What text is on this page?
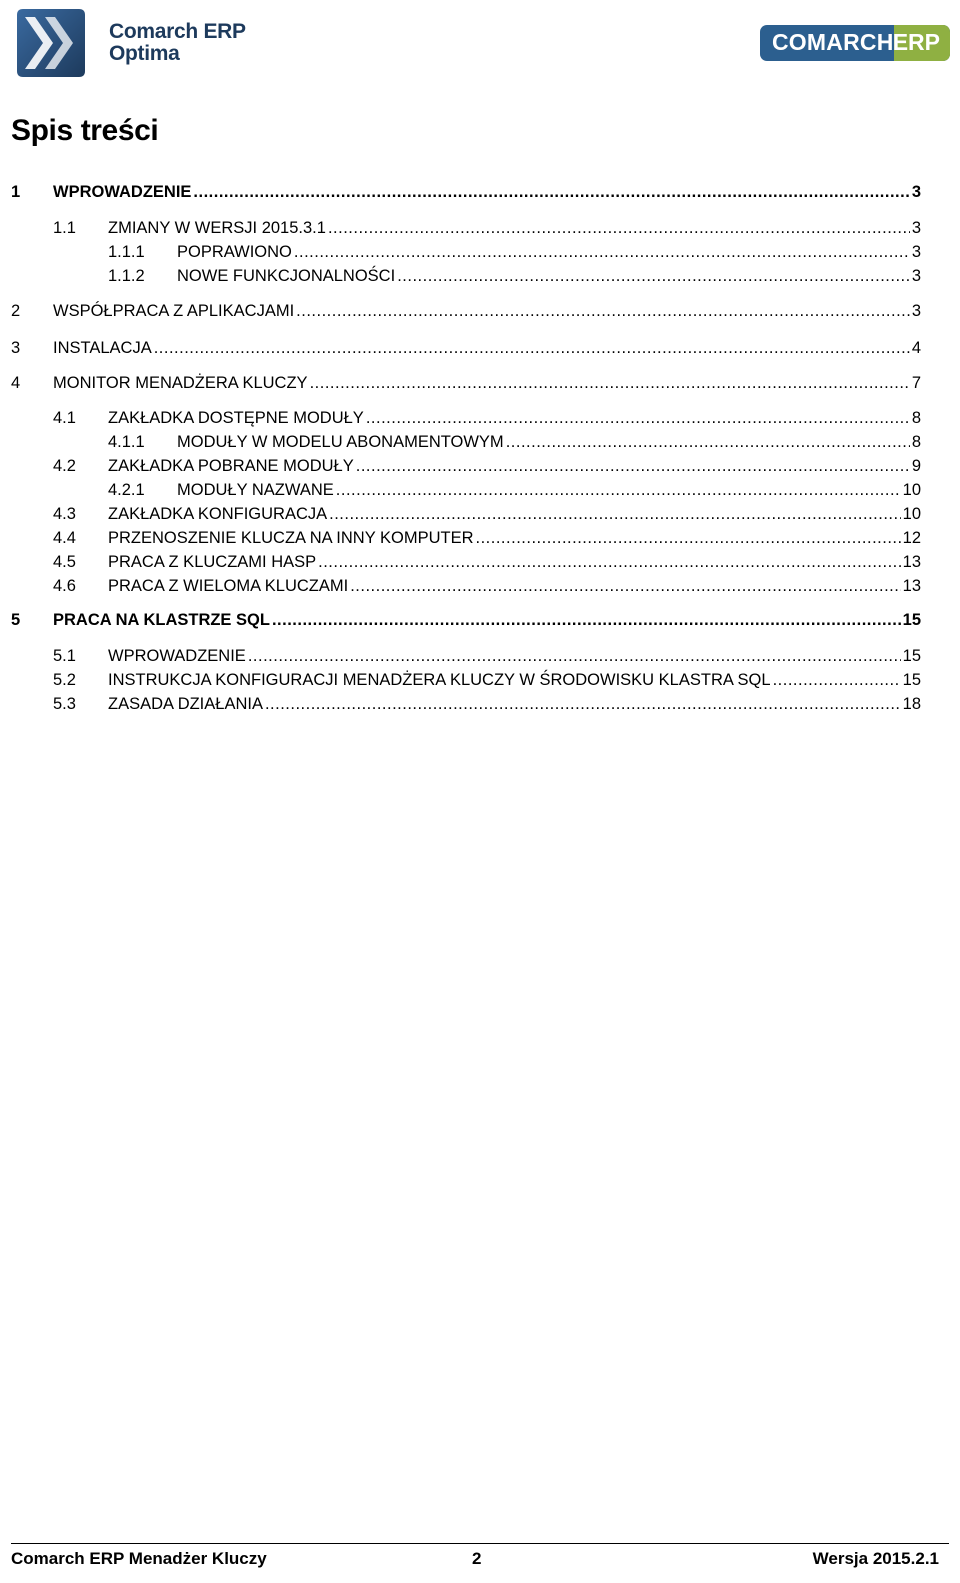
Comarch ERP
Optima	COMARCH ERP
Spis treści
1	WPROWADZENIE .....	3
1.1	ZMIANY W WERSJI 2015.3.1 .....	3
1.1.1	POPRAWIONO .....	3
1.1.2	NOWE FUNKCJONALNOŚCI .....	3
2	WSPÓŁPRACA Z APLIKACJAMI .....	3
3	INSTALACJA .....	4
4	MONITOR MENADŻERA KLUCZY .....	7
4.1	ZAKŁADKA DOSTĘPNE MODUŁY .....	8
4.1.1	MODUŁY W MODELU ABONAMENTOWYM .....	8
4.2	ZAKŁADKA POBRANE MODUŁY .....	9
4.2.1	MODUŁY NAZWANE .....	10
4.3	ZAKŁADKA KONFIGURACJA .....	10
4.4	PRZENOSZENIE KLUCZA NA INNY KOMPUTER .....	12
4.5	PRACA Z KLUCZAMI HASP .....	13
4.6	PRACA Z WIELOMA KLUCZAMI .....	13
5	PRACA NA KLASTRZE SQL .....	15
5.1	WPROWADZENIE .....	15
5.2	INSTRUKCJA KONFIGURACJI MENADŻERA KLUCZY W ŚRODOWISKU KLASTRA SQL .....	15
5.3	ZASADA DZIAŁANIA .....	18
Comarch ERP Menadżer Kluczy	2	Wersja 2015.2.1
